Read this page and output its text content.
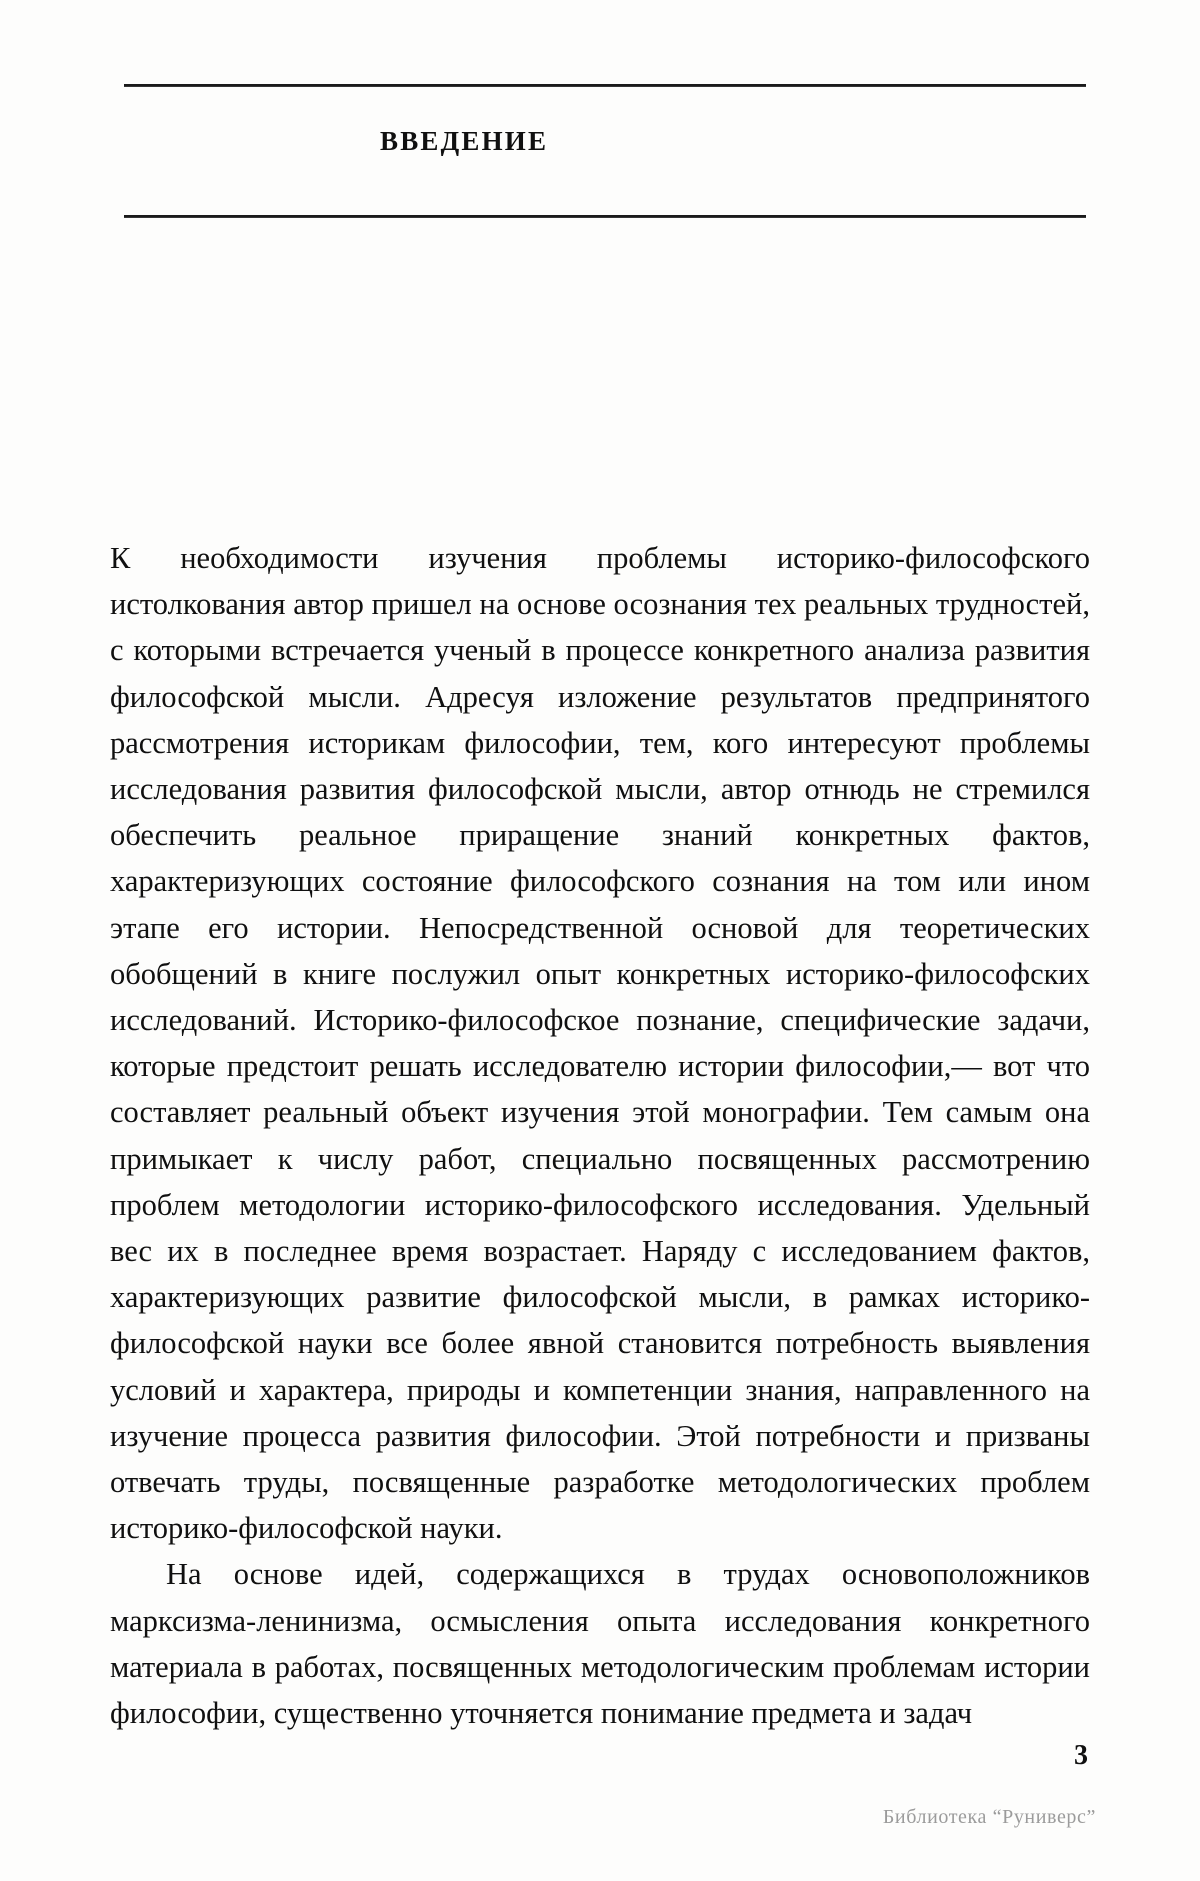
ВВЕДЕНИЕ

К необходимости изучения проблемы историко-философского истолкования автор пришел на основе осознания тех реальных трудностей, с которыми встречается ученый в процессе конкретного анализа развития философской мысли. Адресуя изложение результатов предпринятого рассмотрения историкам философии, тем, кого интересуют проблемы исследования развития философской мысли, автор отнюдь не стремился обеспечить реальное приращение знаний конкретных фактов, характеризующих состояние философского сознания на том или ином этапе его истории. Непосредственной основой для теоретических обобщений в книге послужил опыт конкретных историко-философских исследований. Историко-философское познание, специфические задачи, которые предстоит решать исследователю истории философии,— вот что составляет реальный объект изучения этой монографии. Тем самым она примыкает к числу работ, специально посвященных рассмотрению проблем методологии историко-философского исследования. Удельный вес их в последнее время возрастает. Наряду с исследованием фактов, характеризующих развитие философской мысли, в рамках историко-философской науки все более явной становится потребность выявления условий и характера, природы и компетенции знания, направленного на изучение процесса развития философии. Этой потребности и призваны отвечать труды, посвященные разработке методологических проблем историко-философской науки.

На основе идей, содержащихся в трудах основоположников марксизма-ленинизма, осмысления опыта исследования конкретного материала в работах, посвященных методологическим проблемам истории философии, существенно уточняется понимание предмета и задач

3
Библиотека “Руниверс”
